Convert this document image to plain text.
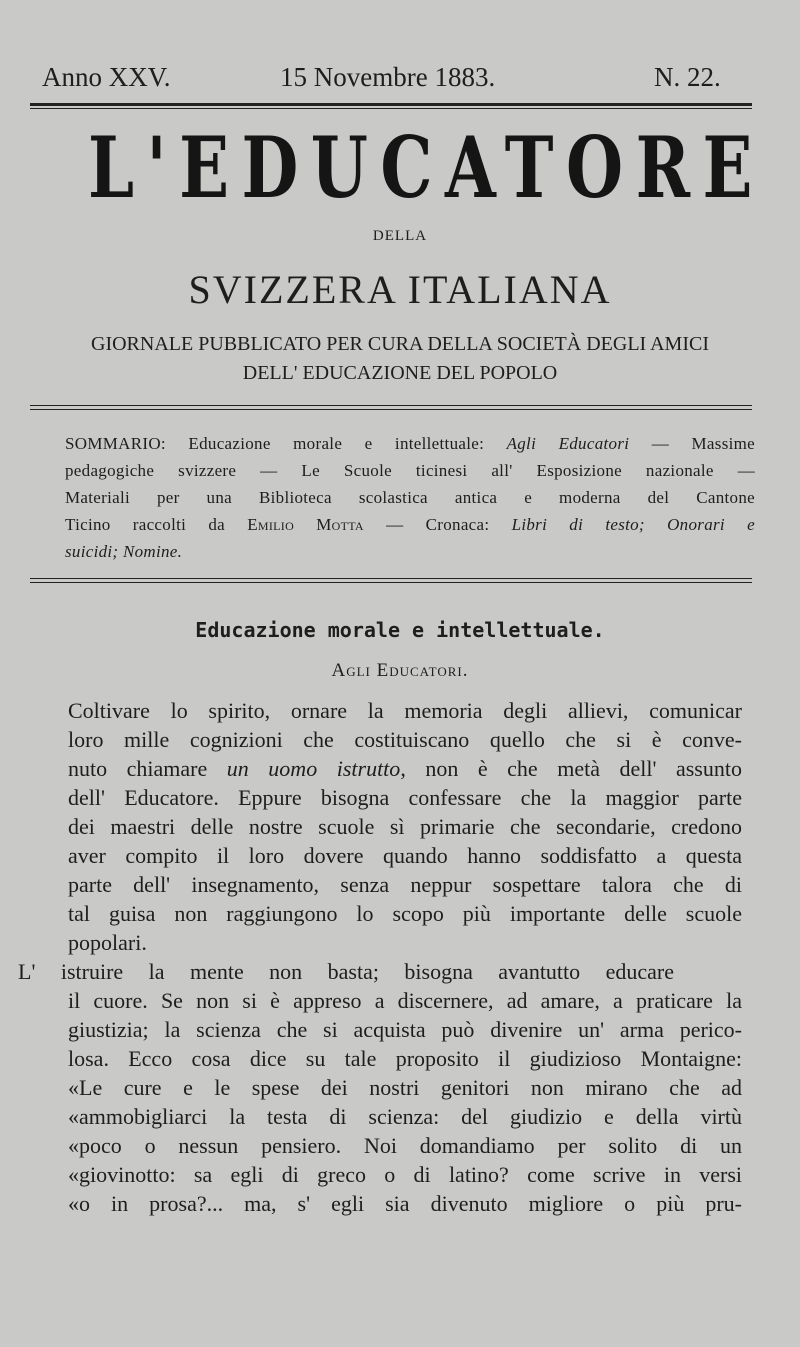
Anno XXV.	15 Novembre 1883.	N. 22.
L'EDUCATORE
DELLA
SVIZZERA ITALIANA
GIORNALE PUBBLICATO PER CURA DELLA SOCIETÀ DEGLI AMICI
DELL' EDUCAZIONE DEL POPOLO
SOMMARIO: Educazione morale e intellettuale: Agli Educatori — Massime
pedagogiche svizzere — Le Scuole ticinesi all' Esposizione nazionale —
Materiali per una Biblioteca scolastica antica e moderna del Cantone
Ticino raccolti da Emilio Motta — Cronaca: Libri di testo; Onorari e
suicidi; Nomine.
Educazione morale e intellettuale.
Agli Educatori.
Coltivare lo spirito, ornare la memoria degli allievi, comunicar
loro mille cognizioni che costituiscano quello che si è conve-
nuto chiamare un uomo istrutto, non è che metà dell' assunto
dell' Educatore. Eppure bisogna confessare che la maggior parte
dei maestri delle nostre scuole sì primarie che secondarie, credono
aver compito il loro dovere quando hanno soddisfatto a questa
parte dell' insegnamento, senza neppur sospettare talora che di
tal guisa non raggiungono lo scopo più importante delle scuole
popolari.
L' istruire la mente non basta; bisogna avantutto educare
il cuore. Se non si è appreso a discernere, ad amare, a praticare la
giustizia; la scienza che si acquista può divenire un' arma perico-
losa. Ecco cosa dice su tale proposito il giudizioso Montaigne:
«Le cure e le spese dei nostri genitori non mirano che ad
«ammobigliarci la testa di scienza: del giudizio e della virtù
«poco o nessun pensiero. Noi domandiamo per solito di un
«giovinotto: sa egli di greco o di latino? come scrive in versi
«o in prosa?... ma, s' egli sia divenuto migliore o più pru-
